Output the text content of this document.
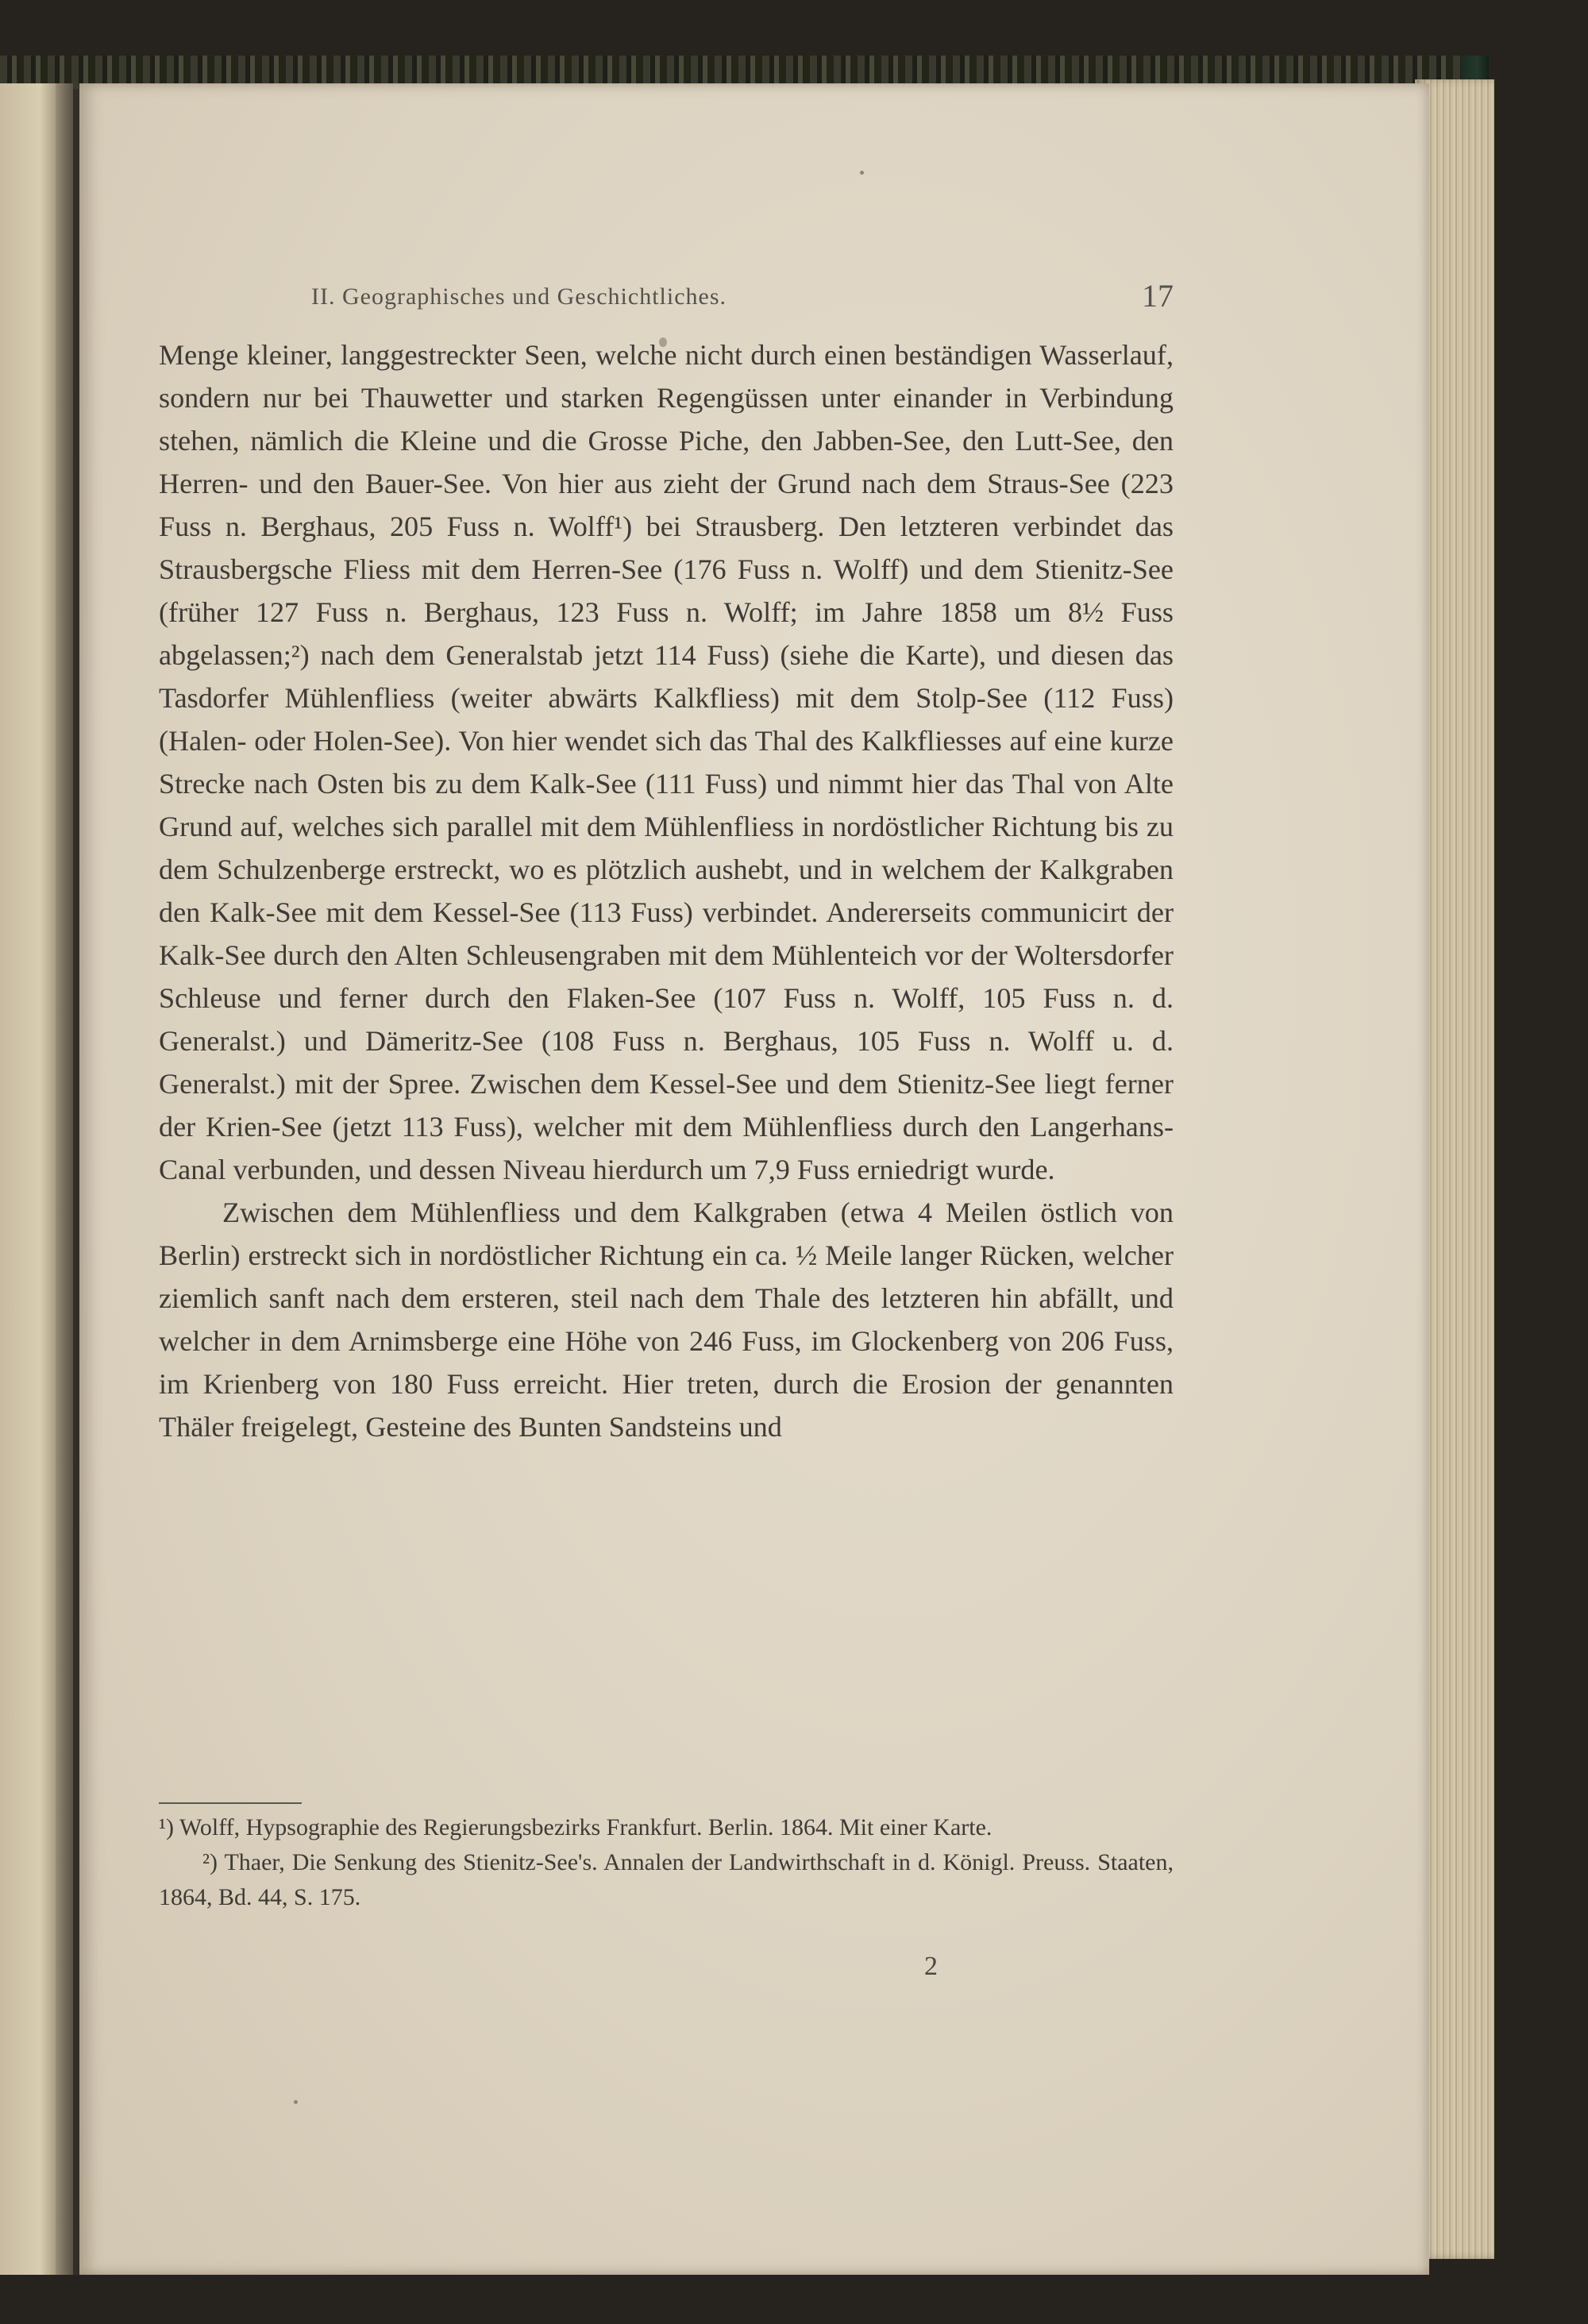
II. Geographisches und Geschichtliches.	17

Menge kleiner, langgestreckter Seen, welche nicht durch einen beständigen Wasserlauf, sondern nur bei Thauwetter und starken Regengüssen unter einander in Verbindung stehen, nämlich die Kleine und die Grosse Piche, den Jabben-See, den Lutt-See, den Herren- und den Bauer-See. Von hier aus zieht der Grund nach dem Straus-See (223 Fuss n. Berghaus, 205 Fuss n. Wolff¹) bei Strausberg. Den letzteren verbindet das Strausbergsche Fliess mit dem Herren-See (176 Fuss n. Wolff) und dem Stienitz-See (früher 127 Fuss n. Berghaus, 123 Fuss n. Wolff; im Jahre 1858 um 8½ Fuss abgelassen;²) nach dem Generalstab jetzt 114 Fuss) (siehe die Karte), und diesen das Tasdorfer Mühlenfliess (weiter abwärts Kalkfliess) mit dem Stolp-See (112 Fuss) (Halen- oder Holen-See). Von hier wendet sich das Thal des Kalkfliesses auf eine kurze Strecke nach Osten bis zu dem Kalk-See (111 Fuss) und nimmt hier das Thal von Alte Grund auf, welches sich parallel mit dem Mühlenfliess in nordöstlicher Richtung bis zu dem Schulzenberge erstreckt, wo es plötzlich aushebt, und in welchem der Kalkgraben den Kalk-See mit dem Kessel-See (113 Fuss) verbindet. Andererseits communicirt der Kalk-See durch den Alten Schleusengraben mit dem Mühlenteich vor der Woltersdorfer Schleuse und ferner durch den Flaken-See (107 Fuss n. Wolff, 105 Fuss n. d. Generalst.) und Dämeritz-See (108 Fuss n. Berghaus, 105 Fuss n. Wolff u. d. Generalst.) mit der Spree. Zwischen dem Kessel-See und dem Stienitz-See liegt ferner der Krien-See (jetzt 113 Fuss), welcher mit dem Mühlenfliess durch den Langerhans-Canal verbunden, und dessen Niveau hierdurch um 7,9 Fuss erniedrigt wurde.

Zwischen dem Mühlenfliess und dem Kalkgraben (etwa 4 Meilen östlich von Berlin) erstreckt sich in nordöstlicher Richtung ein ca. ½ Meile langer Rücken, welcher ziemlich sanft nach dem ersteren, steil nach dem Thale des letzteren hin abfällt, und welcher in dem Arnimsberge eine Höhe von 246 Fuss, im Glockenberg von 206 Fuss, im Krienberg von 180 Fuss erreicht. Hier treten, durch die Erosion der genannten Thäler freigelegt, Gesteine des Bunten Sandsteins und

¹) Wolff, Hypsographie des Regierungsbezirks Frankfurt. Berlin. 1864. Mit einer Karte.

²) Thaer, Die Senkung des Stienitz-See's. Annalen der Landwirthschaft in d. Königl. Preuss. Staaten, 1864, Bd. 44, S. 175.

2
